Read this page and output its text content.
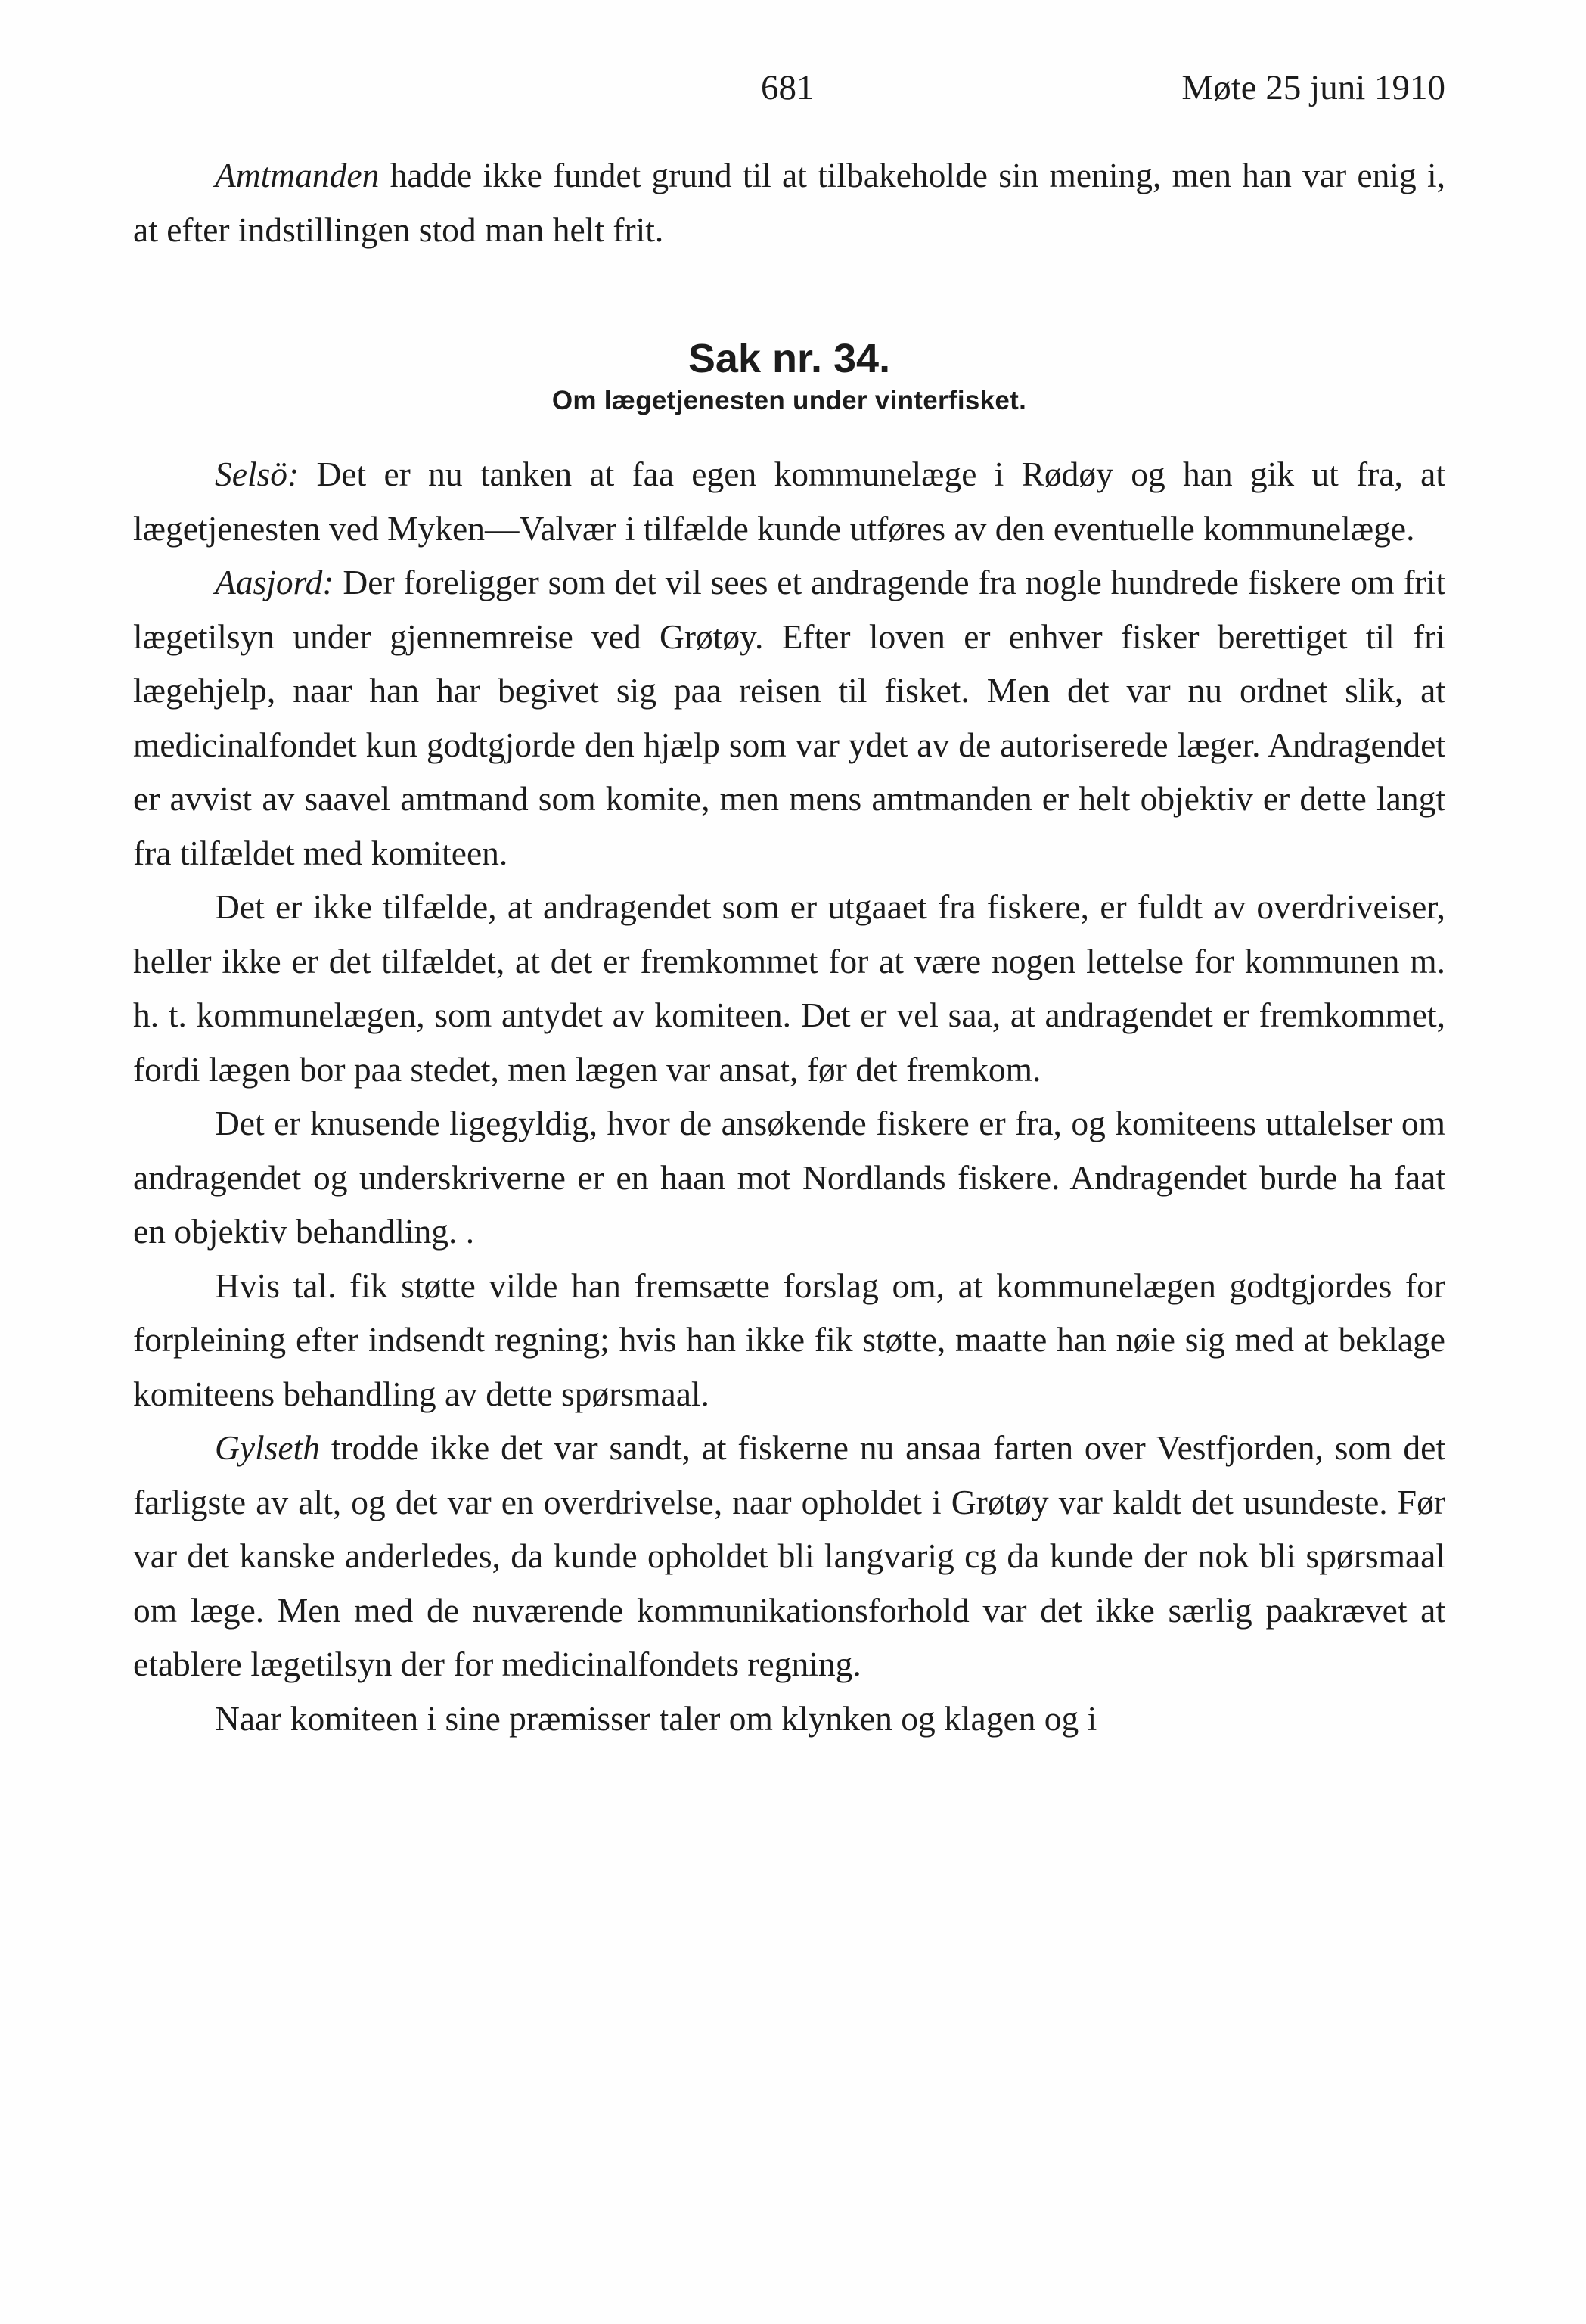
681	Møte 25 juni 1910

Amtmanden hadde ikke fundet grund til at tilbakeholde sin mening, men han var enig i, at efter indstillingen stod man helt frit.

Sak nr. 34.
Om lægetjenesten under vinterfisket.

Selsö: Det er nu tanken at faa egen kommunelæge i Rødøy og han gik ut fra, at lægetjenesten ved Myken—Valvær i tilfælde kunde utføres av den eventuelle kommunelæge.

Aasjord: Der foreligger som det vil sees et andragende fra nogle hundrede fiskere om frit lægetilsyn under gjennemreise ved Grøtøy. Efter loven er enhver fisker berettiget til fri lægehjelp, naar han har begivet sig paa reisen til fisket. Men det var nu ordnet slik, at medicinalfondet kun godtgjorde den hjælp som var ydet av de autoriserede læger. Andragendet er avvist av saavel amtmand som komite, men mens amtmanden er helt objektiv er dette langt fra tilfældet med komiteen.

Det er ikke tilfælde, at andragendet som er utgaaet fra fiskere, er fuldt av overdriveiser, heller ikke er det tilfældet, at det er fremkommet for at være nogen lettelse for kommunen m. h. t. kommunelægen, som antydet av komiteen. Det er vel saa, at andragendet er fremkommet, fordi lægen bor paa stedet, men lægen var ansat, før det fremkom.

Det er knusende ligegyldig, hvor de ansøkende fiskere er fra, og komiteens uttalelser om andragendet og underskriverne er en haan mot Nordlands fiskere. Andragendet burde ha faat en objektiv behandling. .

Hvis tal. fik støtte vilde han fremsætte forslag om, at kommunelægen godtgjordes for forpleining efter indsendt regning; hvis han ikke fik støtte, maatte han nøie sig med at beklage komiteens behandling av dette spørsmaal.

Gylseth trodde ikke det var sandt, at fiskerne nu ansaa farten over Vestfjorden, som det farligste av alt, og det var en overdrivelse, naar opholdet i Grøtøy var kaldt det usundeste. Før var det kanske anderledes, da kunde opholdet bli langvarig cg da kunde der nok bli spørsmaal om læge. Men med de nuværende kommunikationsforhold var det ikke særlig paakrævet at etablere lægetilsyn der for medicinalfondets regning.

Naar komiteen i sine præmisser taler om klynken og klagen og i
